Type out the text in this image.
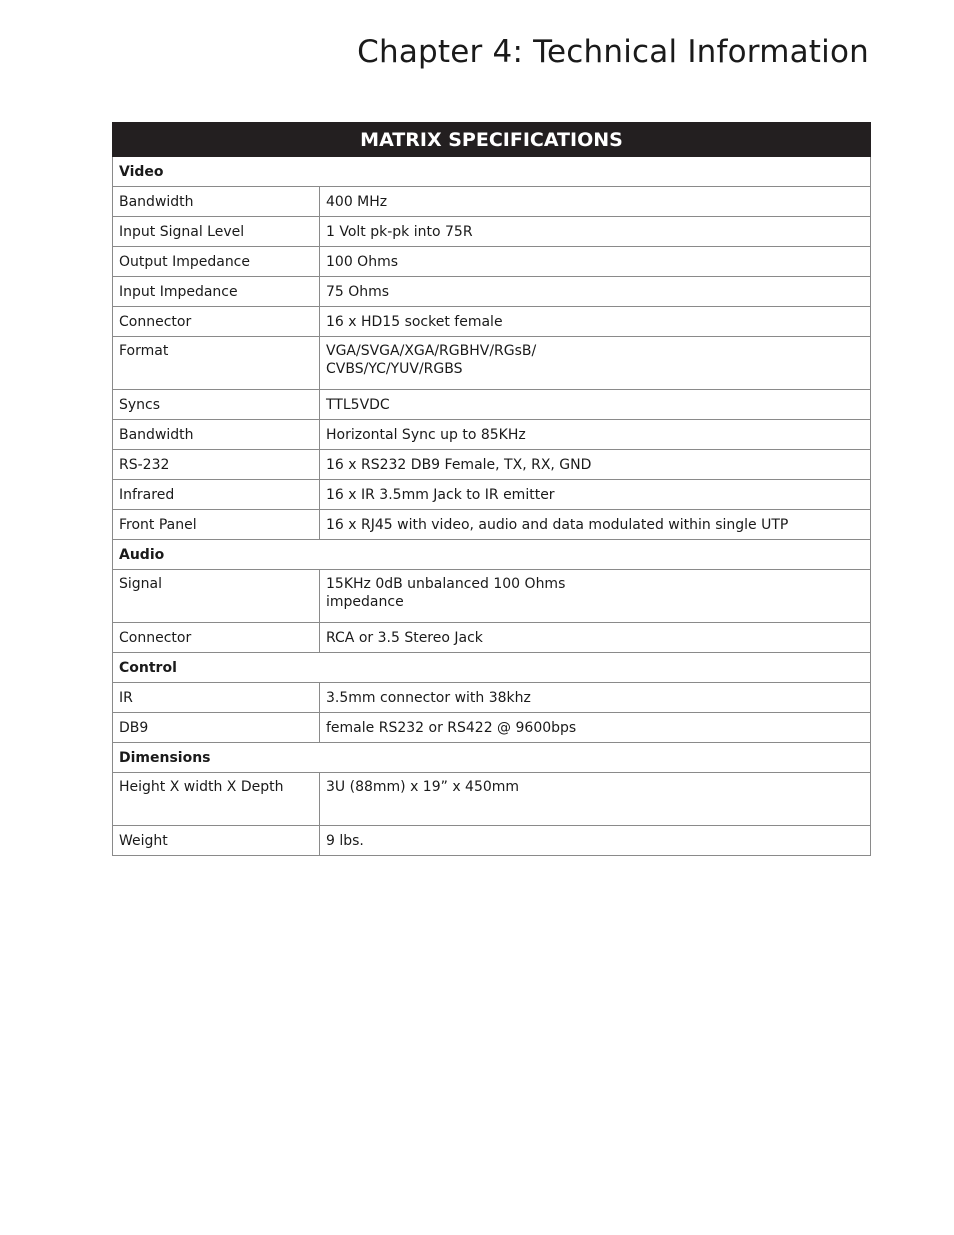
Chapter 4: Technical Information
MATRIX SPECIFICATIONS	
Video	
Bandwidth	400 MHz

Input Signal Level	1 Volt pk-pk into 75R

Output Impedance	100 Ohms

Input Impedance	75 Ohms

Connector	16 x HD15 socket female

Format	VGA/SVGA/XGA/RGBHV/RGsB/
CVBS/YC/YUV/RGBS

Syncs	TTL5VDC

Bandwidth	Horizontal Sync up to 85KHz

RS-232	16 x RS232 DB9 Female, TX, RX, GND

Infrared	16 x IR 3.5mm Jack to IR emitter

Front Panel	16 x RJ45 with video, audio and data modulated within single UTP

Audio	
Signal	15KHz 0dB unbalanced 100 Ohms
impedance

Connector	RCA or 3.5 Stereo Jack

Control	
IR	3.5mm connector with 38khz

DB9	female RS232 or RS422 @ 9600bps

Dimensions	
Height X width X Depth	3U (88mm) x 19” x 450mm

Weight	9 lbs.
